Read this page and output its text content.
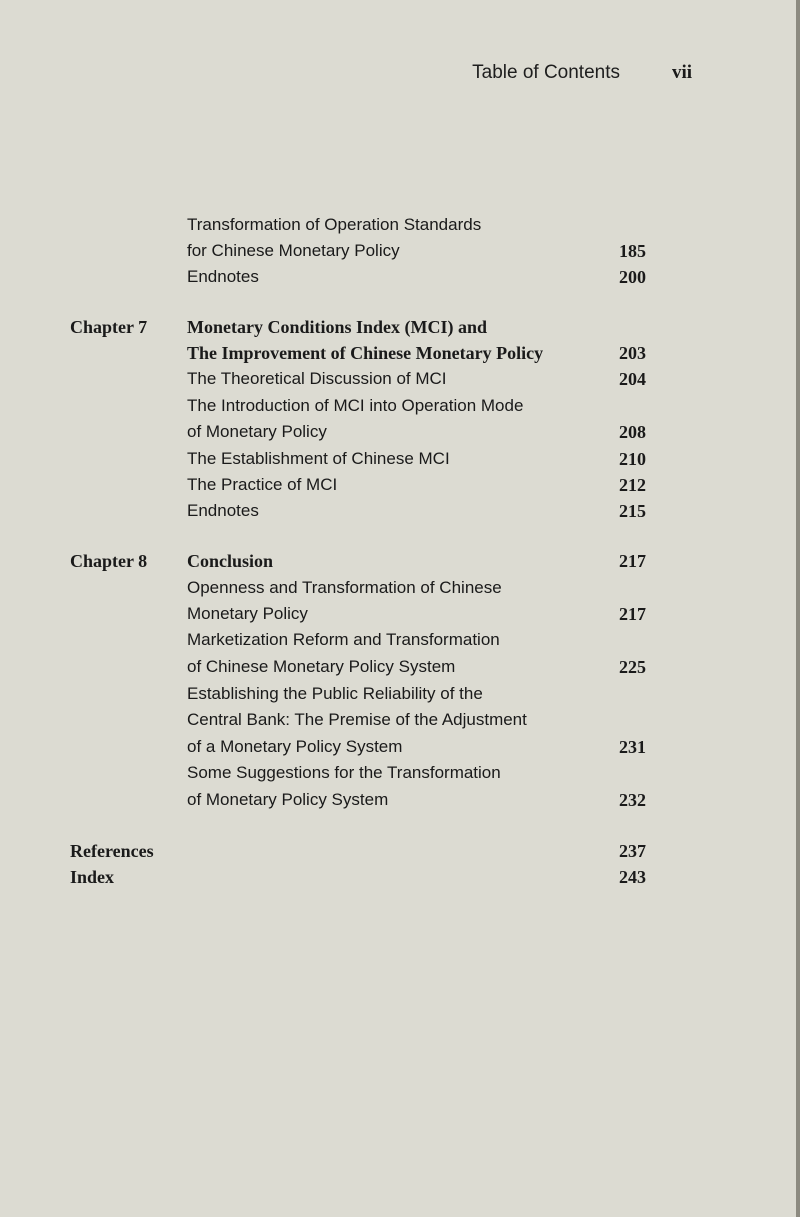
Table of Contents	vii
Transformation of Operation Standards
for Chinese Monetary Policy	185
Endnotes	200
Chapter 7 Monetary Conditions Index (MCI) and
The Improvement of Chinese Monetary Policy	203
The Theoretical Discussion of MCI	204
The Introduction of MCI into Operation Mode
of Monetary Policy	208
The Establishment of Chinese MCI	210
The Practice of MCI	212
Endnotes	215
Chapter 8 Conclusion	217
Openness and Transformation of Chinese
Monetary Policy	217
Marketization Reform and Transformation
of Chinese Monetary Policy System	225
Establishing the Public Reliability of the
Central Bank: The Premise of the Adjustment
of a Monetary Policy System	231
Some Suggestions for the Transformation
of Monetary Policy System	232
References	237
Index	243
